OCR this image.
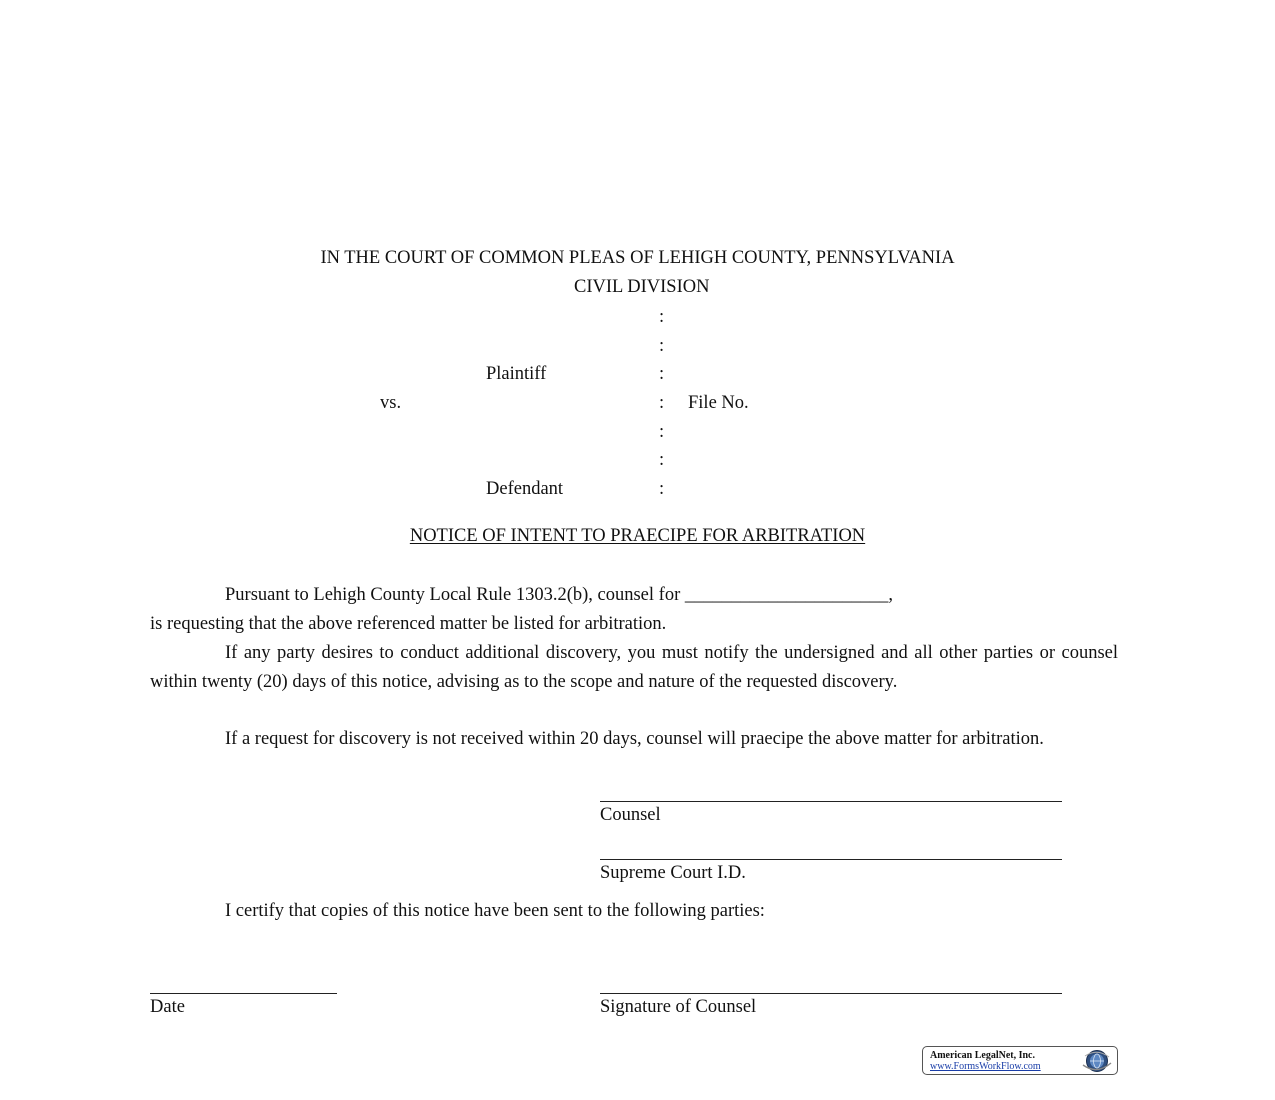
IN THE COURT OF COMMON PLEAS OF LEHIGH COUNTY, PENNSYLVANIA
CIVIL DIVISION
:
:
Plaintiff	:
vs.	: File No.
:
:
Defendant	:
NOTICE OF INTENT TO PRAECIPE FOR ARBITRATION
Pursuant to Lehigh County Local Rule 1303.2(b), counsel for ______________________,
is requesting that the above referenced matter be listed for arbitration.
If any party desires to conduct additional discovery, you must notify the undersigned and all other parties or counsel within twenty (20) days of this notice, advising as to the scope and nature of the requested discovery.
If a request for discovery is not received within 20 days, counsel will praecipe the above matter for arbitration.
Counsel
Supreme Court I.D.
I certify that copies of this notice have been sent to the following parties:
Date	Signature of Counsel
American LegalNet, Inc.
www.FormsWorkFlow.com
